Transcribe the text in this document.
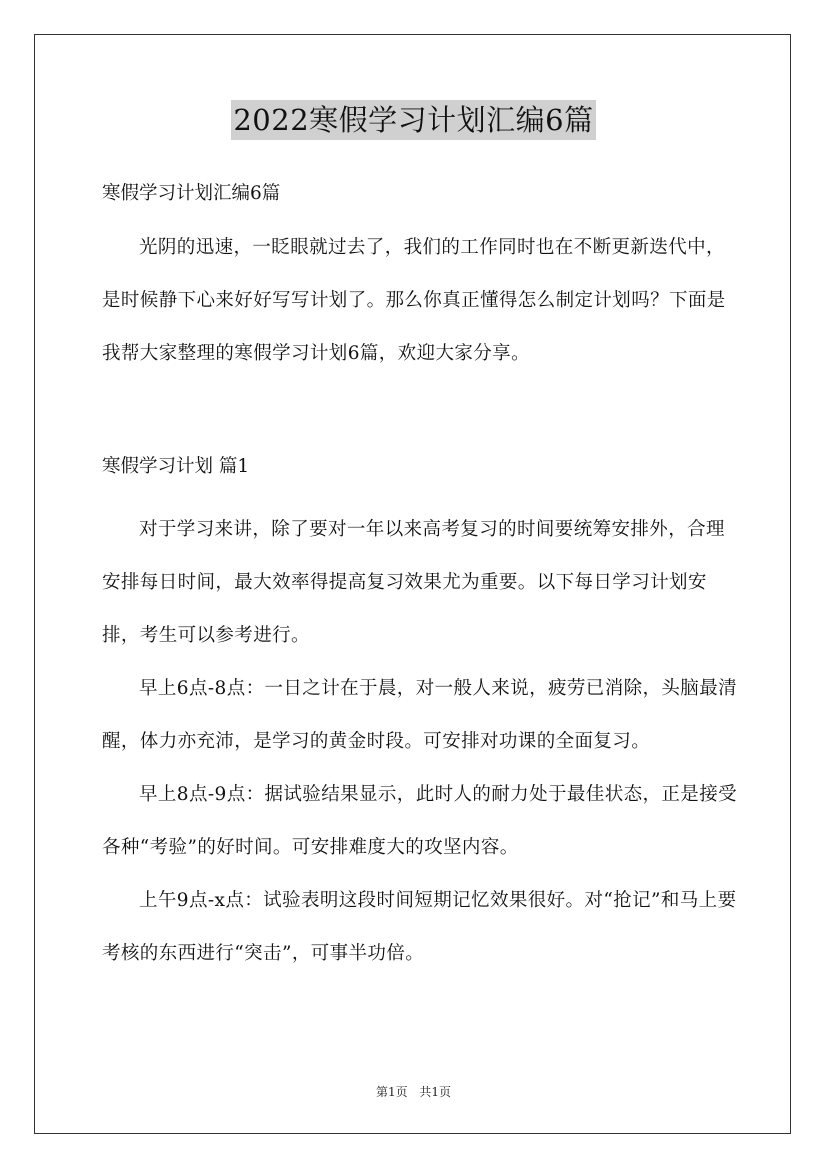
2022寒假学习计划汇编6篇
寒假学习计划汇编6篇

光阴的迅速，一眨眼就过去了，我们的工作同时也在不断更新迭代中，是时候静下心来好好写写计划了。那么你真正懂得怎么制定计划吗？下面是我帮大家整理的寒假学习计划6篇，欢迎大家分享。

寒假学习计划 篇1

对于学习来讲，除了要对一年以来高考复习的时间要统筹安排外，合理安排每日时间，最大效率得提高复习效果尤为重要。以下每日学习计划安排，考生可以参考进行。

早上6点-8点：一日之计在于晨，对一般人来说，疲劳已消除，头脑最清醒，体力亦充沛，是学习的黄金时段。可安排对功课的全面复习。

早上8点-9点：据试验结果显示，此时人的耐力处于最佳状态，正是接受各种“考验”的好时间。可安排难度大的攻坚内容。

上午9点-x点：试验表明这段时间短期记忆效果很好。对“抢记”和马上要考核的东西进行“突击”，可事半功倍。

第1页 共1页
